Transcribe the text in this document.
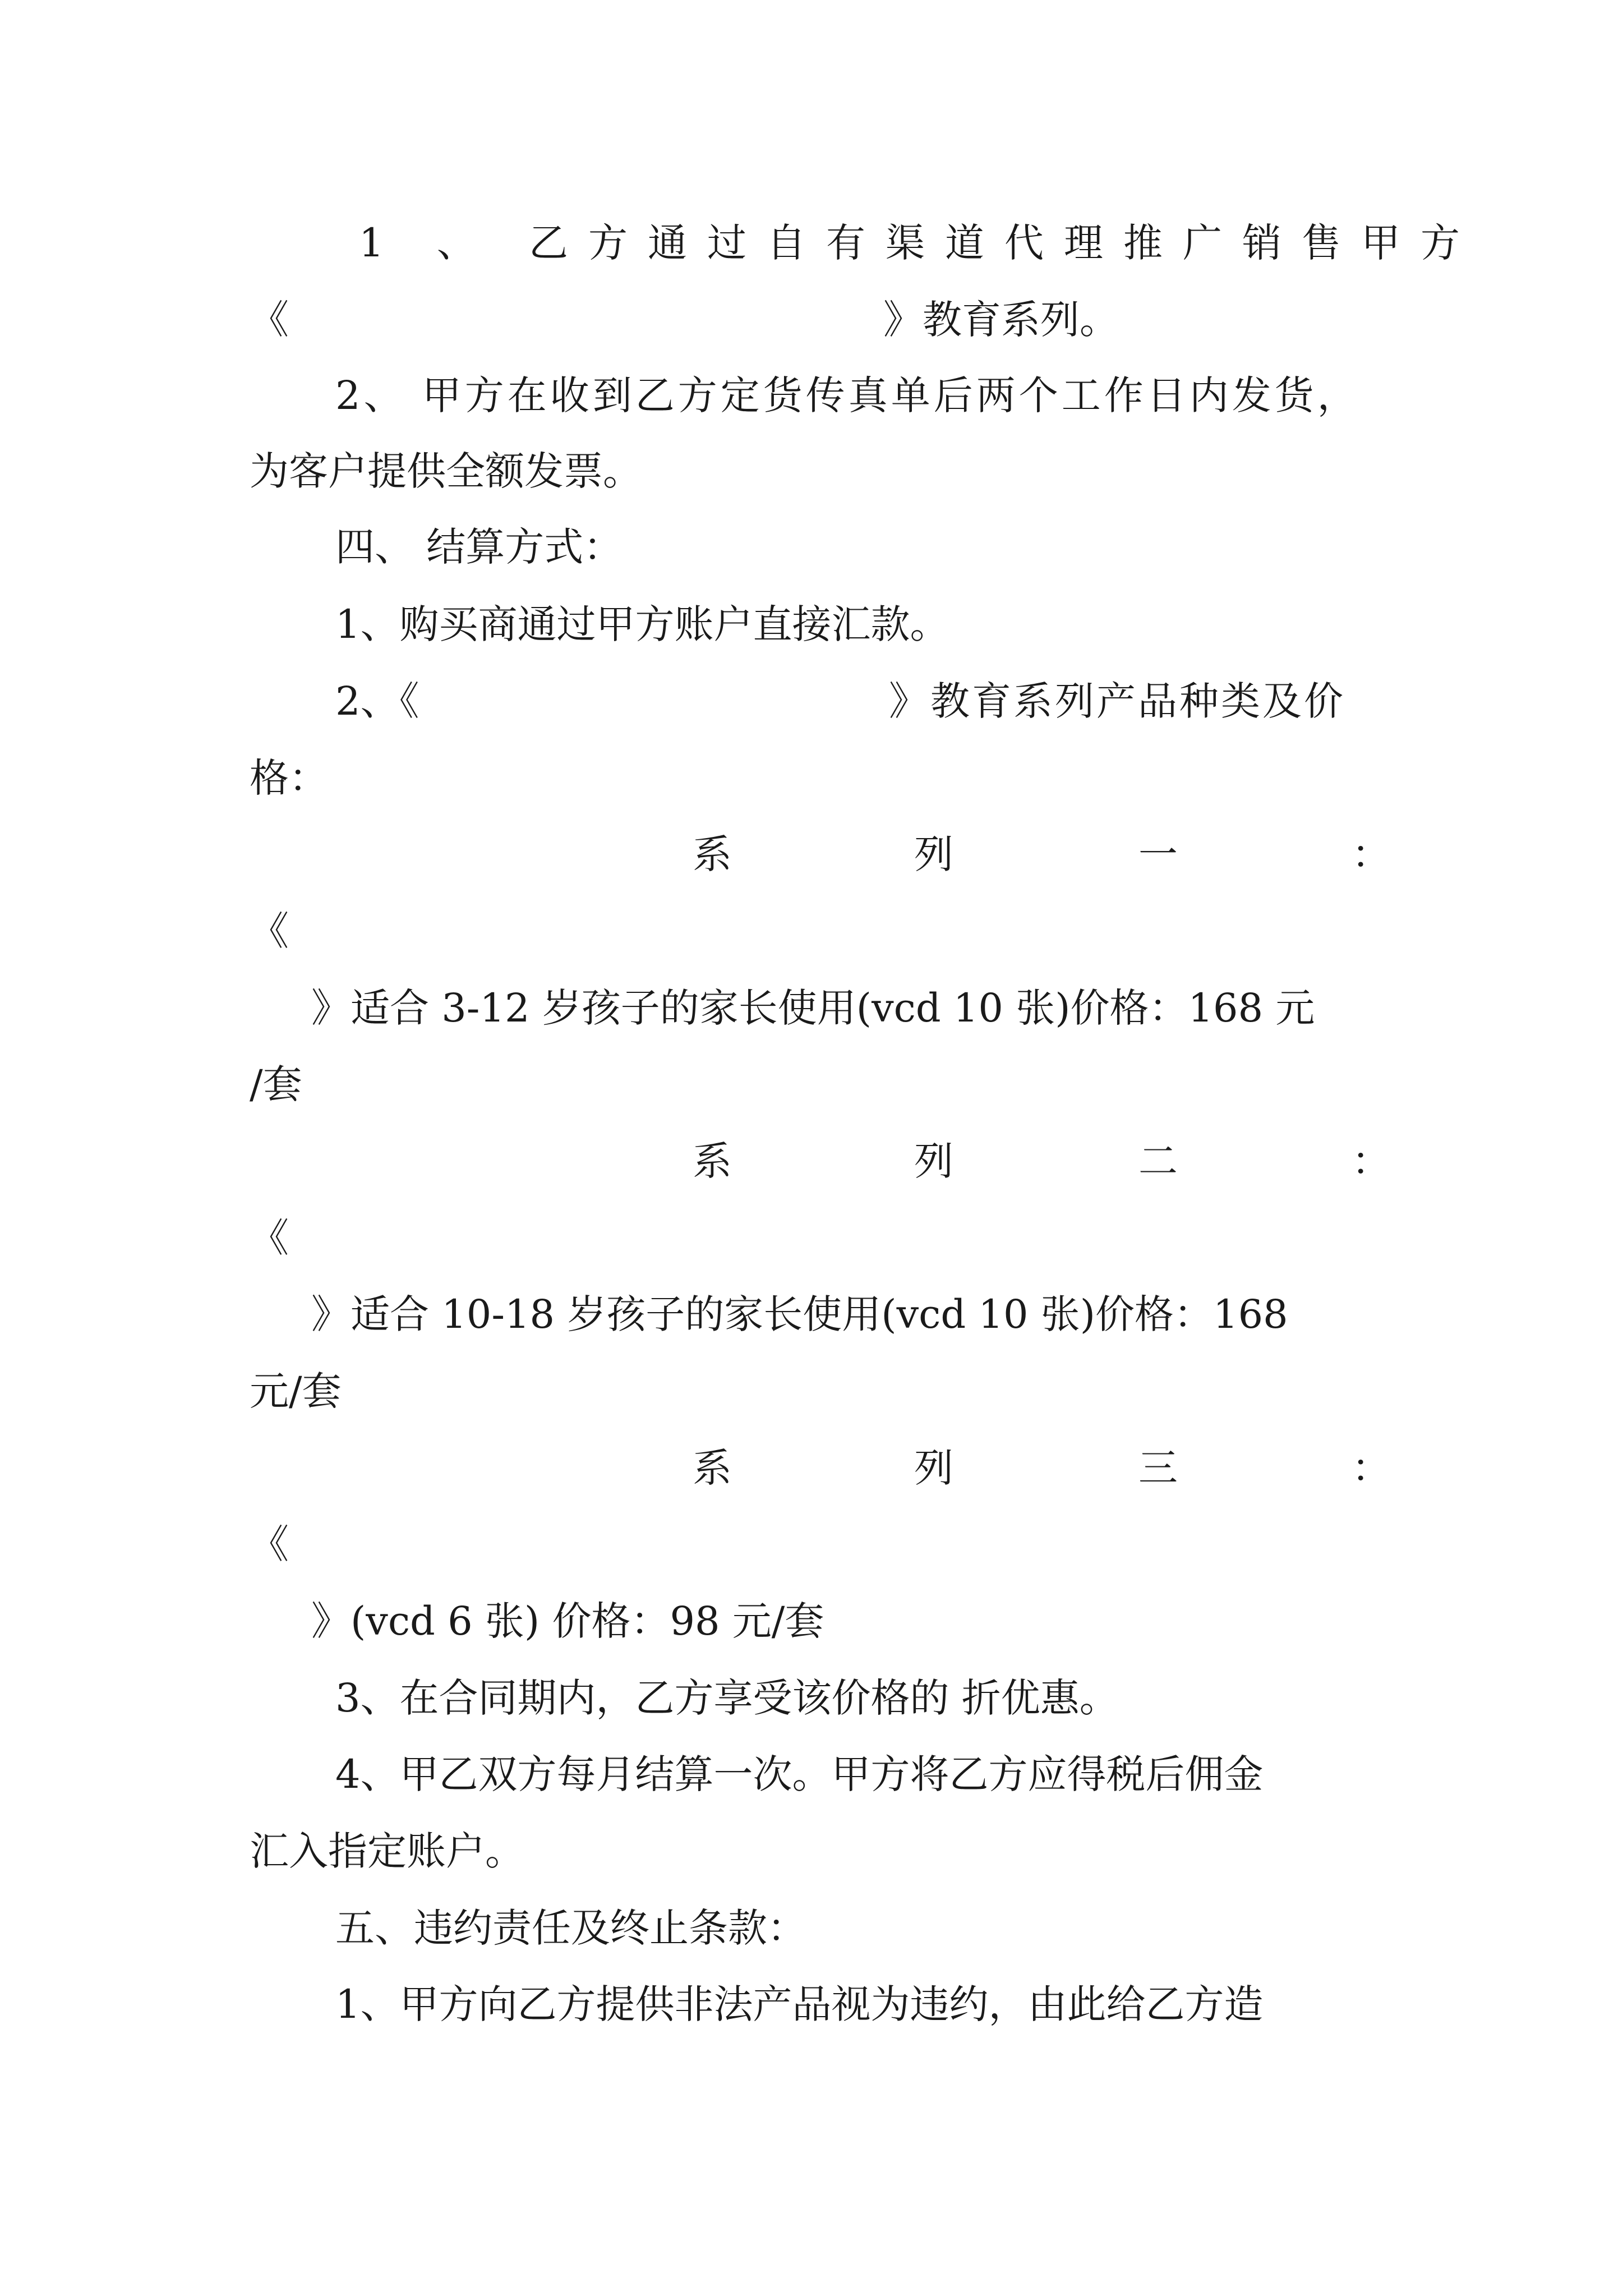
1 、 乙方通过自有渠道代理推广销售甲方
《	》教育系列。
2、 甲方在收到乙方定货传真单后两个工作日内发货，
为客户提供全额发票。
四、 结算方式：
1、购买商通过甲方账户直接汇款。
2、《	》教育系列产品种类及价
格：
系	列	一	：
《
》适合 3-12 岁孩子的家长使用(vcd 10 张)价格：168 元
/套
系	列	二	：
《
》适合 10-18 岁孩子的家长使用(vcd 10 张)价格：168
元/套
系	列	三	：
《
》(vcd 6 张) 价格：98 元/套
3、在合同期内，乙方享受该价格的 折优惠。
4、甲乙双方每月结算一次。甲方将乙方应得税后佣金
汇入指定账户。
五、违约责任及终止条款：
1、甲方向乙方提供非法产品视为违约，由此给乙方造
